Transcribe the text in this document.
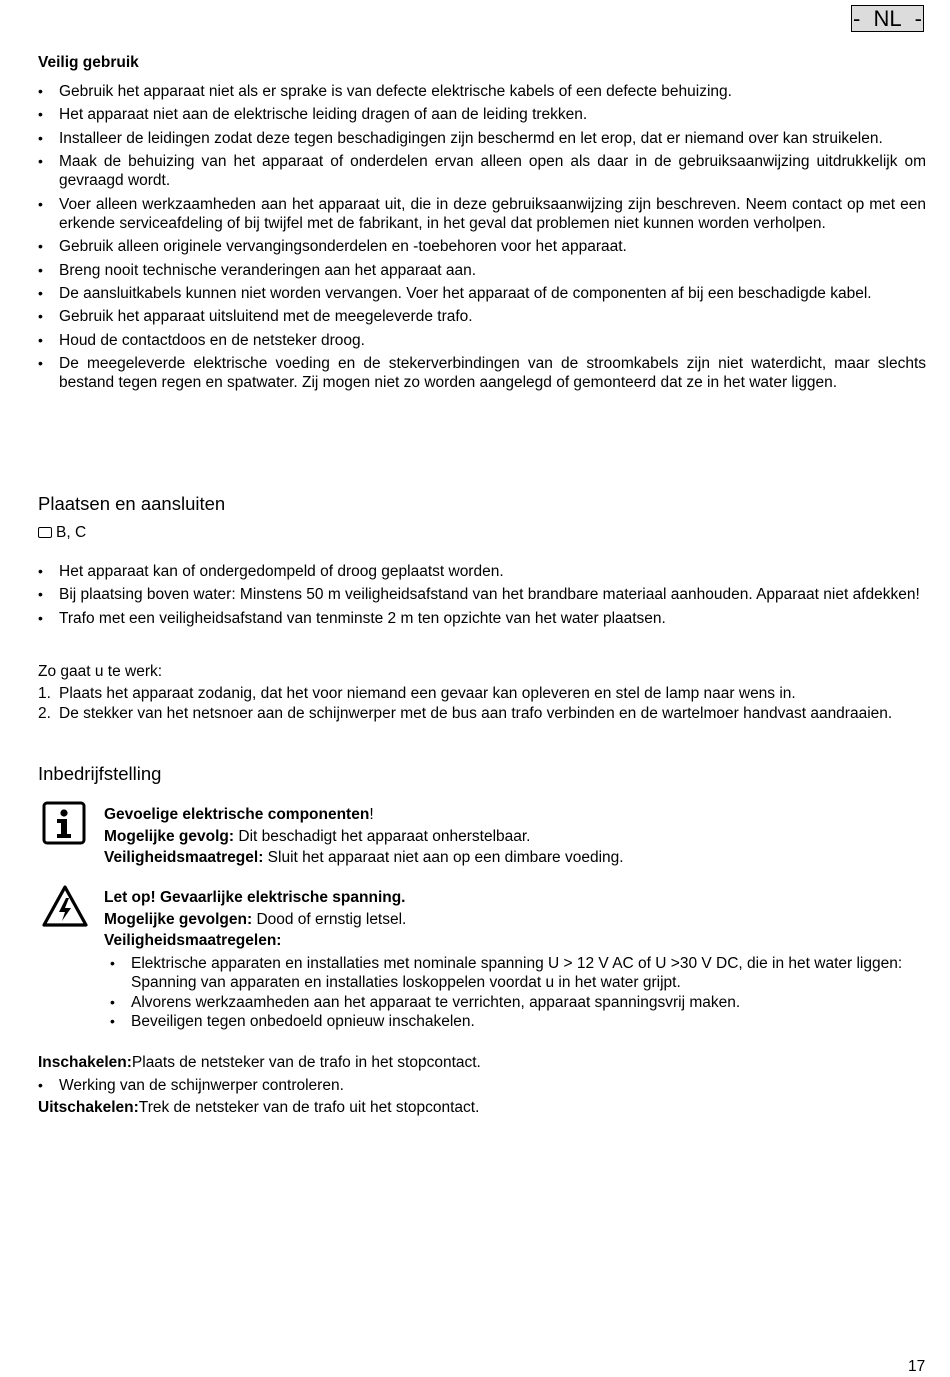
- NL -
Veilig gebruik
• Gebruik het apparaat niet als er sprake is van defecte elektrische kabels of een defecte behuizing.
• Het apparaat niet aan de elektrische leiding dragen of aan de leiding trekken.
• Installeer de leidingen zodat deze tegen beschadigingen zijn beschermd en let erop, dat er niemand over kan struikelen.
• Maak de behuizing van het apparaat of onderdelen ervan alleen open als daar in de gebruiksaanwijzing uitdrukkelijk om gevraagd wordt.
• Voer alleen werkzaamheden aan het apparaat uit, die in deze gebruiksaanwijzing zijn beschreven. Neem contact op met een erkende serviceafdeling of bij twijfel met de fabrikant, in het geval dat problemen niet kunnen worden verholpen.
• Gebruik alleen originele vervangingsonderdelen en -toebehoren voor het apparaat.
• Breng nooit technische veranderingen aan het apparaat aan.
• De aansluitkabels kunnen niet worden vervangen. Voer het apparaat of de componenten af bij een beschadigde kabel.
• Gebruik het apparaat uitsluitend met de meegeleverde trafo.
• Houd de contactdoos en de netsteker droog.
• De meegeleverde elektrische voeding en de stekerverbindingen van de stroomkabels zijn niet waterdicht, maar slechts bestand tegen regen en spatwater. Zij mogen niet zo worden aangelegd of gemonteerd dat ze in het water liggen.
Plaatsen en aansluiten
B, C
• Het apparaat kan of ondergedompeld of droog geplaatst worden.
• Bij plaatsing boven water: Minstens 50 m veiligheidsafstand van het brandbare materiaal aanhouden. Apparaat niet afdekken!
• Trafo met een veiligheidsafstand van tenminste 2 m ten opzichte van het water plaatsen.
Zo gaat u te werk:
1. Plaats het apparaat zodanig, dat het voor niemand een gevaar kan opleveren en stel de lamp naar wens in.
2. De stekker van het netsnoer aan de schijnwerper met de bus aan trafo verbinden en de wartelmoer handvast aandraaien.
Inbedrijfstelling
Gevoelige elektrische componenten!
Mogelijke gevolg: Dit beschadigt het apparaat onherstelbaar.
Veiligheidsmaatregel: Sluit het apparaat niet aan op een dimbare voeding.
Let op! Gevaarlijke elektrische spanning.
Mogelijke gevolgen: Dood of ernstig letsel.
Veiligheidsmaatregelen:
• Elektrische apparaten en installaties met nominale spanning U > 12 V AC of U >30 V DC, die in het water liggen: Spanning van apparaten en installaties loskoppelen voordat u in het water grijpt.
• Alvorens werkzaamheden aan het apparaat te verrichten, apparaat spanningsvrij maken.
• Beveiligen tegen onbedoeld opnieuw inschakelen.
Inschakelen:Plaats de netsteker van de trafo in het stopcontact.
• Werking van de schijnwerper controleren.
Uitschakelen:Trek de netsteker van de trafo uit het stopcontact.
17
